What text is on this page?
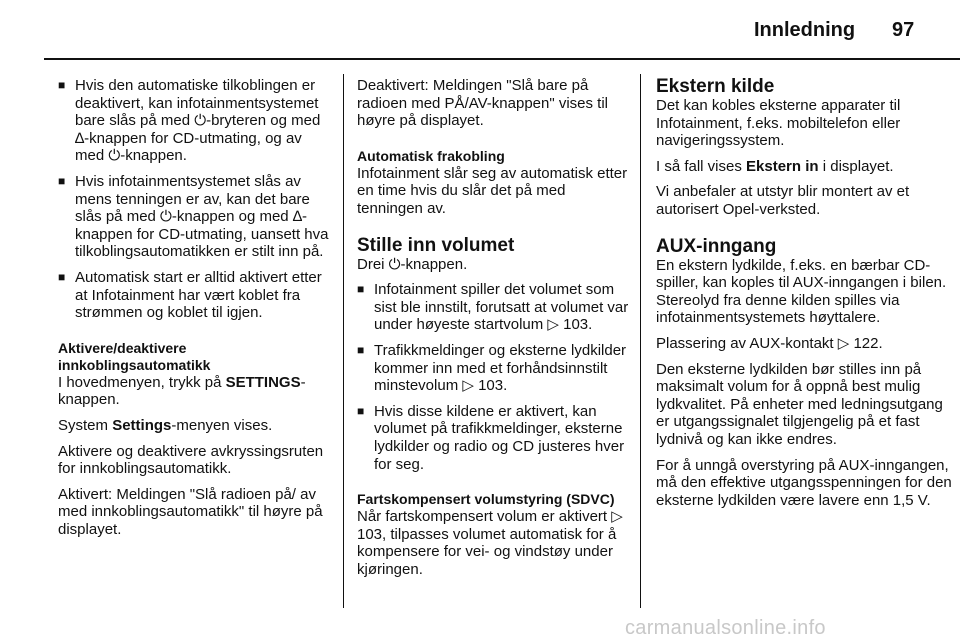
Innledning 97
■ Hvis den automatiske tilkoblingen er deaktivert, kan infotainmentsystemet bare slås på med ⏻-bryteren og med ∆-knappen for CD-utmating, og av med ⏻-knappen.
■ Hvis infotainmentsystemet slås av mens tenningen er av, kan det bare slås på med ⏻-knappen og med ∆-knappen for CD-utmating, uansett hva tilkoblingsautomatikken er stilt inn på.
■ Automatisk start er alltid aktivert etter at Infotainment har vært koblet fra strømmen og koblet til igjen.

Aktivere/deaktivere innkoblingsautomatikk

I hovedmenyen, trykk på SETTINGS-knappen.

System Settings-menyen vises.

Aktivere og deaktivere avkryssingsruten for innkoblingsautomatikk.

Aktivert: Meldingen "Slå radioen på/ av med innkoblingsautomatikk" til høyre på displayet.

Deaktivert: Meldingen "Slå bare på radioen med PÅ/AV-knappen" vises til høyre på displayet.

Automatisk frakobling

Infotainment slår seg av automatisk etter en time hvis du slår det på med tenningen av.

Stille inn volumet

Drei ⏻-knappen.

■ Infotainment spiller det volumet som sist ble innstilt, forutsatt at volumet var under høyeste startvolum ▷ 103.
■ Trafikkmeldinger og eksterne lydkilder kommer inn med et forhåndsinnstilt minstevolum ▷ 103.
■ Hvis disse kildene er aktivert, kan volumet på trafikkmeldinger, eksterne lydkilder og radio og CD justeres hver for seg.

Fartskompensert volumstyring (SDVC)

Når fartskompensert volum er aktivert ▷ 103, tilpasses volumet automatisk for å kompensere for vei- og vindstøy under kjøringen.

Ekstern kilde

Det kan kobles eksterne apparater til Infotainment, f.eks. mobiltelefon eller navigeringssystem.

I så fall vises Ekstern in i displayet.

Vi anbefaler at utstyr blir montert av et autorisert Opel-verksted.

AUX-inngang

En ekstern lydkilde, f.eks. en bærbar CD-spiller, kan koples til AUX-inngangen i bilen. Stereolyd fra denne kilden spilles via infotainmentsystemets høyttalere.

Plassering av AUX-kontakt ▷ 122.

Den eksterne lydkilden bør stilles inn på maksimalt volum for å oppnå best mulig lydkvalitet. På enheter med ledningsutgang er utgangssignalet tilgjengelig på et fast lydnivå og kan ikke endres.

For å unngå overstyring på AUX-inngangen, må den effektive utgangsspenningen for den eksterne lydkilden være lavere enn 1,5 V.

carmanualsonline.info
